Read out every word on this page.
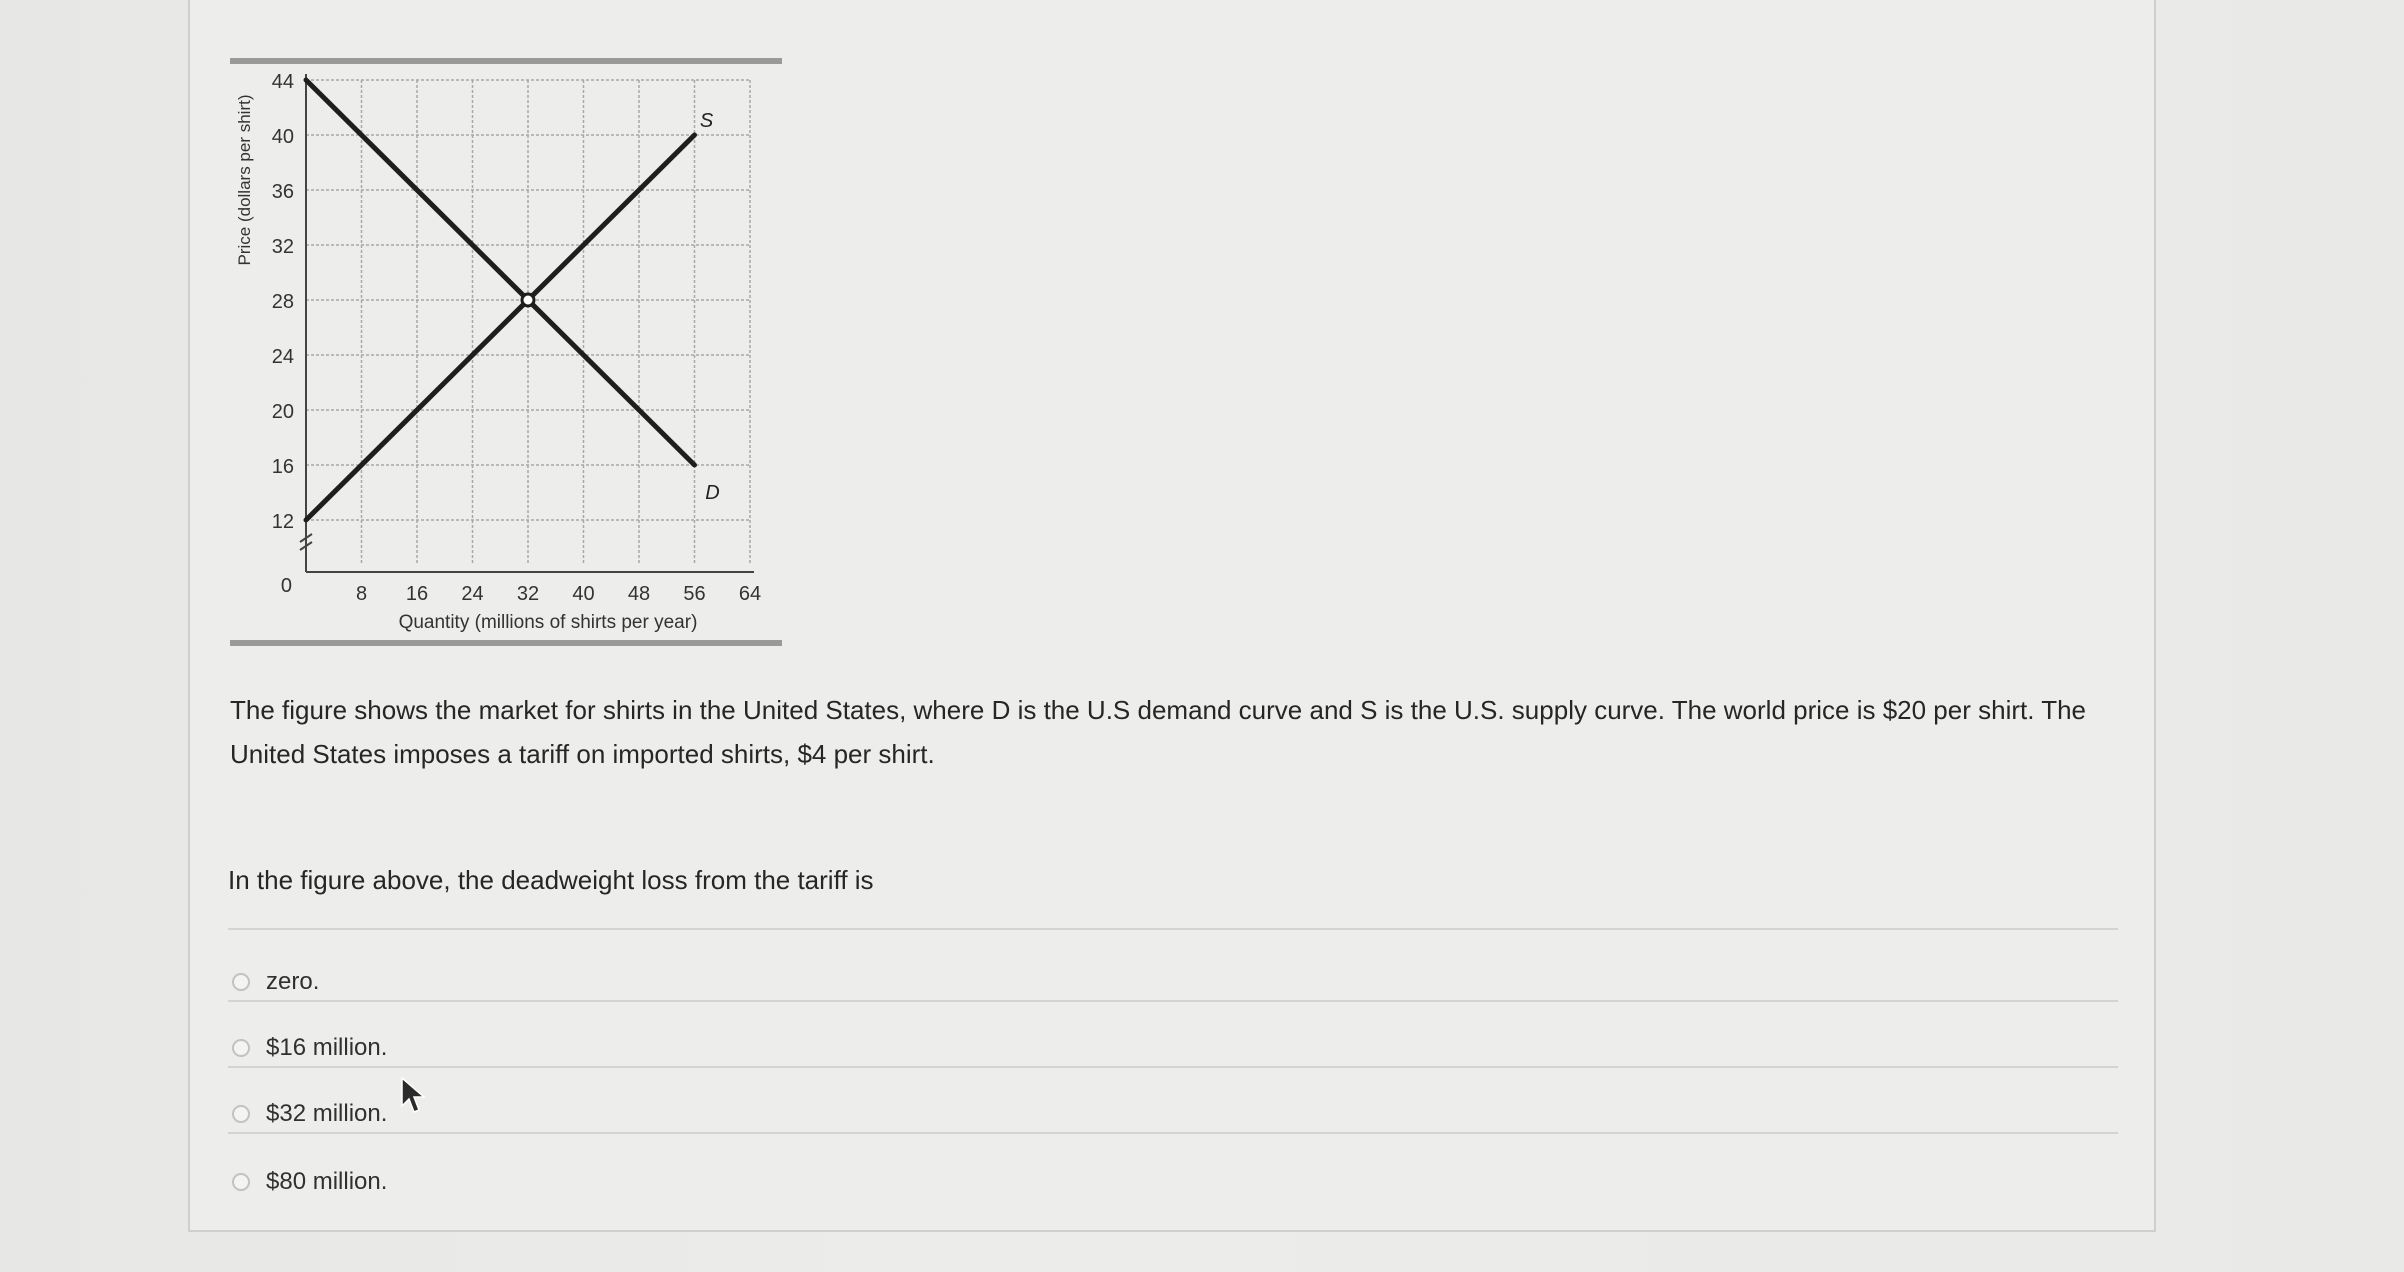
12
16
20
24
28
32
36
40
44
0	8 16 24 32 40 48 56 64
Quantity (millions of shirts per year)
Price (dollars per shirt)	S
D
The figure shows the market for shirts in the United States, where D is the U.S demand curve and S is the U.S. supply curve. The world price is $20 per shirt. The United States imposes a tariff on imported shirts, $4 per shirt.
In the figure above, the deadweight loss from the tariff is
zero.
$16 million.
$32 million.
$80 million.
